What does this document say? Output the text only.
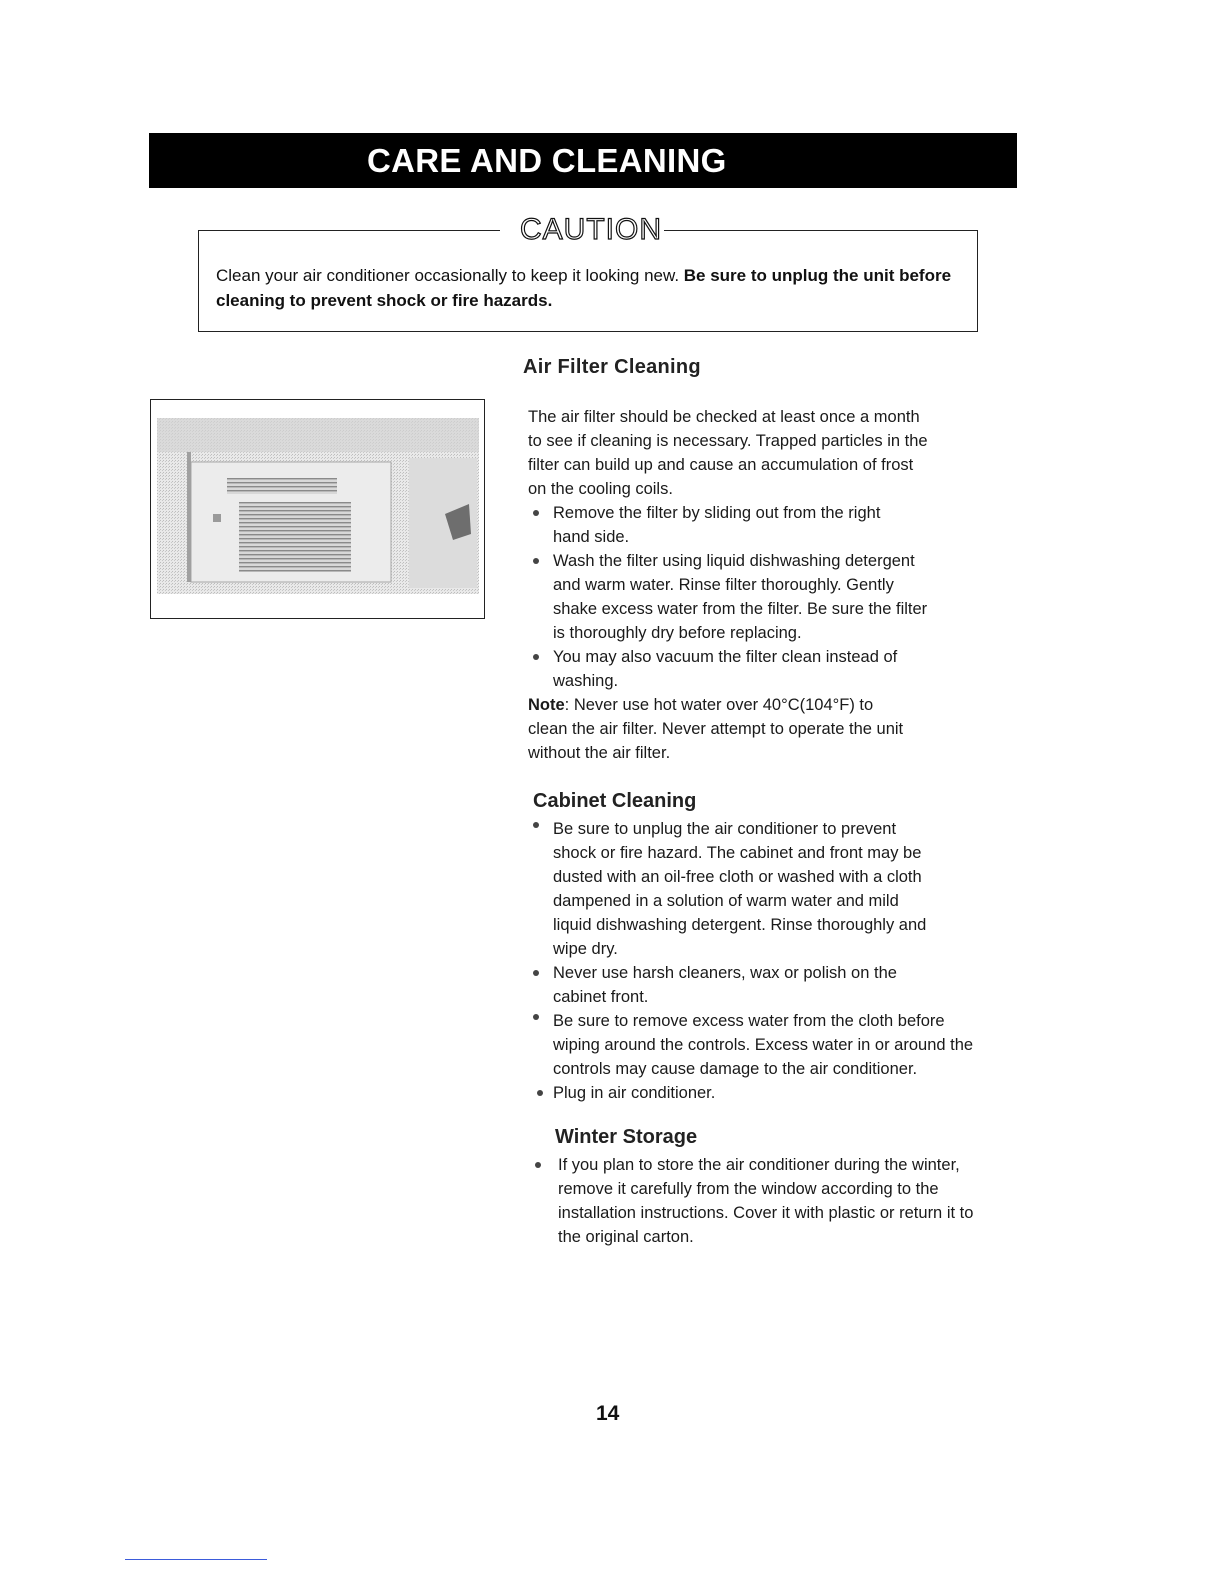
CARE AND CLEANING
CAUTION
Clean your air conditioner occasionally to keep it looking new. Be sure to unplug the unit before cleaning to prevent shock or fire hazards.
Air Filter Cleaning
The air filter should be checked at least once a month to see if cleaning is necessary. Trapped particles in the filter can build up and cause an accumulation of frost on the cooling coils.
Remove the filter by sliding out from the right hand side.
Wash the filter using liquid dishwashing detergent and warm water. Rinse filter thoroughly. Gently shake excess water from the filter. Be sure the filter is thoroughly dry before replacing.
You may also vacuum the filter clean instead of washing.
Note: Never use hot water over 40°C(104°F) to clean the air filter. Never attempt to operate the unit without the air filter.
Cabinet Cleaning
Be sure to unplug the air conditioner to prevent shock or fire hazard. The cabinet and front may be dusted with an oil-free cloth or washed with a cloth dampened in a solution of warm water and mild liquid dishwashing detergent. Rinse thoroughly and wipe dry.
Never use harsh cleaners, wax or polish on the cabinet front.
Be sure to remove excess water from the cloth before wiping around the controls. Excess water in or around the controls may cause damage to the air conditioner.
Plug in air conditioner.
Winter Storage
If you plan to store the air conditioner during the winter, remove it carefully from the window according to the installation instructions. Cover it with plastic or return it to the original carton.
14
